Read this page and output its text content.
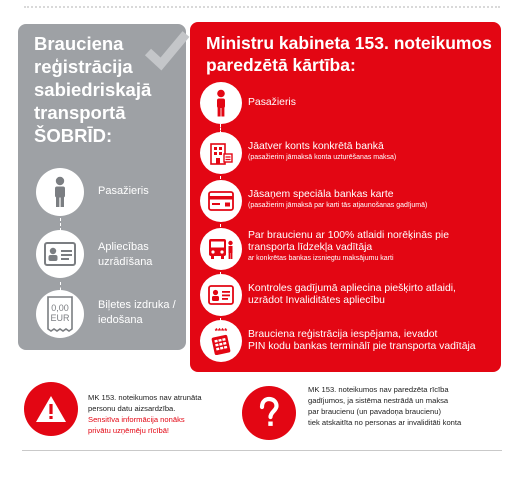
Brauciena
reģistrācija
sabiedriskajā
transportā
ŠOBRĪD:
Pasažieris
Apliecības
uzrādīšana
0,00
EUR
Biļetes izdruka /
iedošana
Ministru kabineta 153. noteikumos
paredzētā kārtība:
Pasažieris
Jāatver konts konkrētā bankā
(pasažierim jāmaksā konta uzturēšanas maksa)
Jāsaņem speciāla bankas karte
(pasažierim jāmaksā par karti tās atjaunošanas gadījumā)
Par braucienu ar 100% atlaidi norēķinās pie
transporta līdzekļa vadītāja
ar konkrētas bankas izsniegtu maksājumu karti
Kontroles gadījumā apliecina piešķirto atlaidi,
uzrādot Invaliditātes apliecību
**** Brauciena reģistrācija iespējama, ievadot
PIN kodu bankas terminālī pie transporta vadītāja
MK 153. noteikumos nav atrunāta
personu datu aizsardzība.
Sensitīva informācija nonāks
privātu uzņēmēju rīcībā!
MK 153. noteikumos nav paredzēta rīcība
gadījumos, ja sistēma nestrādā un maksa
par braucienu (un pavadoņa braucienu)
tiek atskaitīta no personas ar invaliditāti konta
